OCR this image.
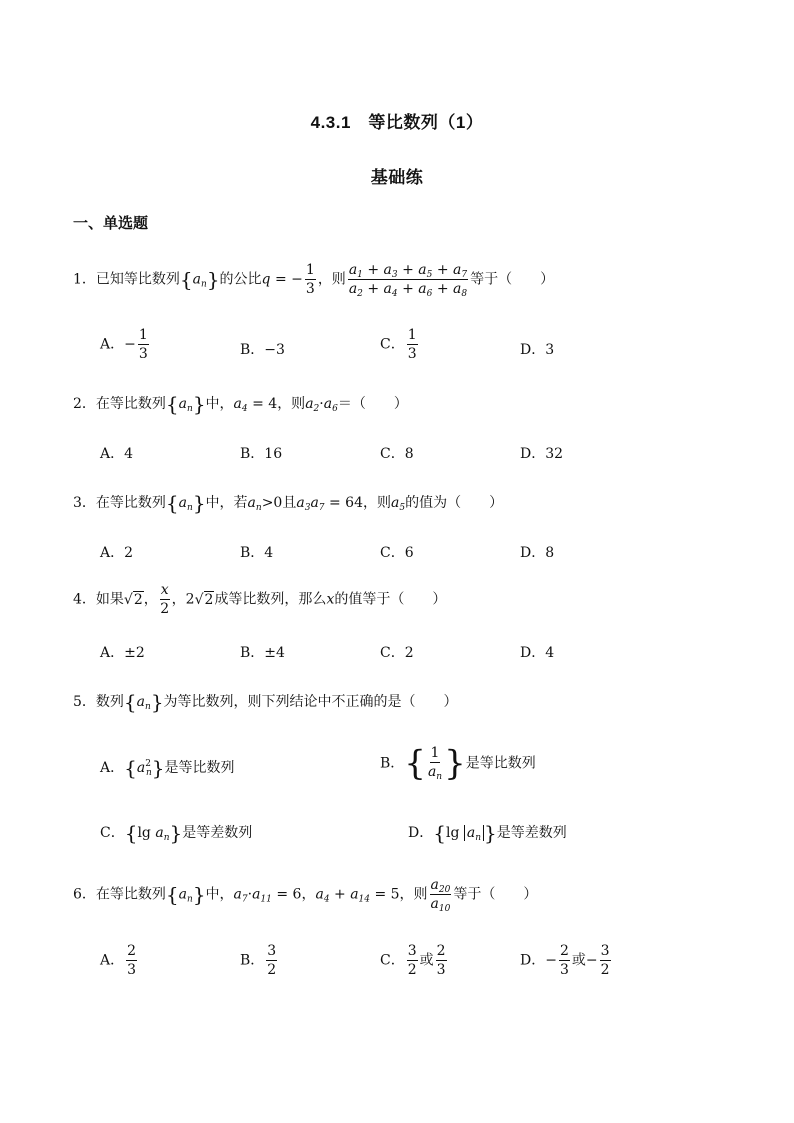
4.3.1　等比数列（1）
基础练
一、单选题
1．已知等比数列$\{a_n\}$的公比q = − $\frac{1}{3}$ ，则 $\frac{a_1 + a_3 + a_5 + a_7}{a_2 + a_4 + a_6 + a_8}$ 等于（　　）
A．− $\frac{1}{3}$	B．−3	C． $\frac{1}{3}$	D．3
2．在等比数列$\{a_n\}$中，$a_4 = 4$，则$a_2\cdot a_6=$（　　）
A．4	B．16	C．8	D．32
3．在等比数列$\{a_n\}$中，若$a_n>0$且$a_3a_7 = 64$，则$a_5$的值为（　　）
A．2	B．4	C．6	D．8
4．如果√2， $\frac{x}{2}$ ，2√2成等比数列，那么x的值等于（　　）
A．±2	B．±4	C．2	D．4
5．数列$\{a_n\}$为等比数列，则下列结论中不正确的是（　　）
A．$\{a^2_n\}$是等比数列	B．{ $\frac{1}{a_n}$ }是等比数列
C．{lg $a_n$}是等差数列	D．{lg $a_n$ }是等差数列
6．在等比数列$\{a_n\}$中，$a_7\cdot a_{11} = 6$，$a_4 + a_{14} = 5$，则 $\frac{a_{20}}{a_{10}}$ 等于（　　）
A． $\frac{2}{3}$	B． $\frac{3}{2}$	C． $\frac{3}{2}$ 或 $\frac{2}{3}$	D．− $\frac{2}{3}$ 或− $\frac{3}{2}$
